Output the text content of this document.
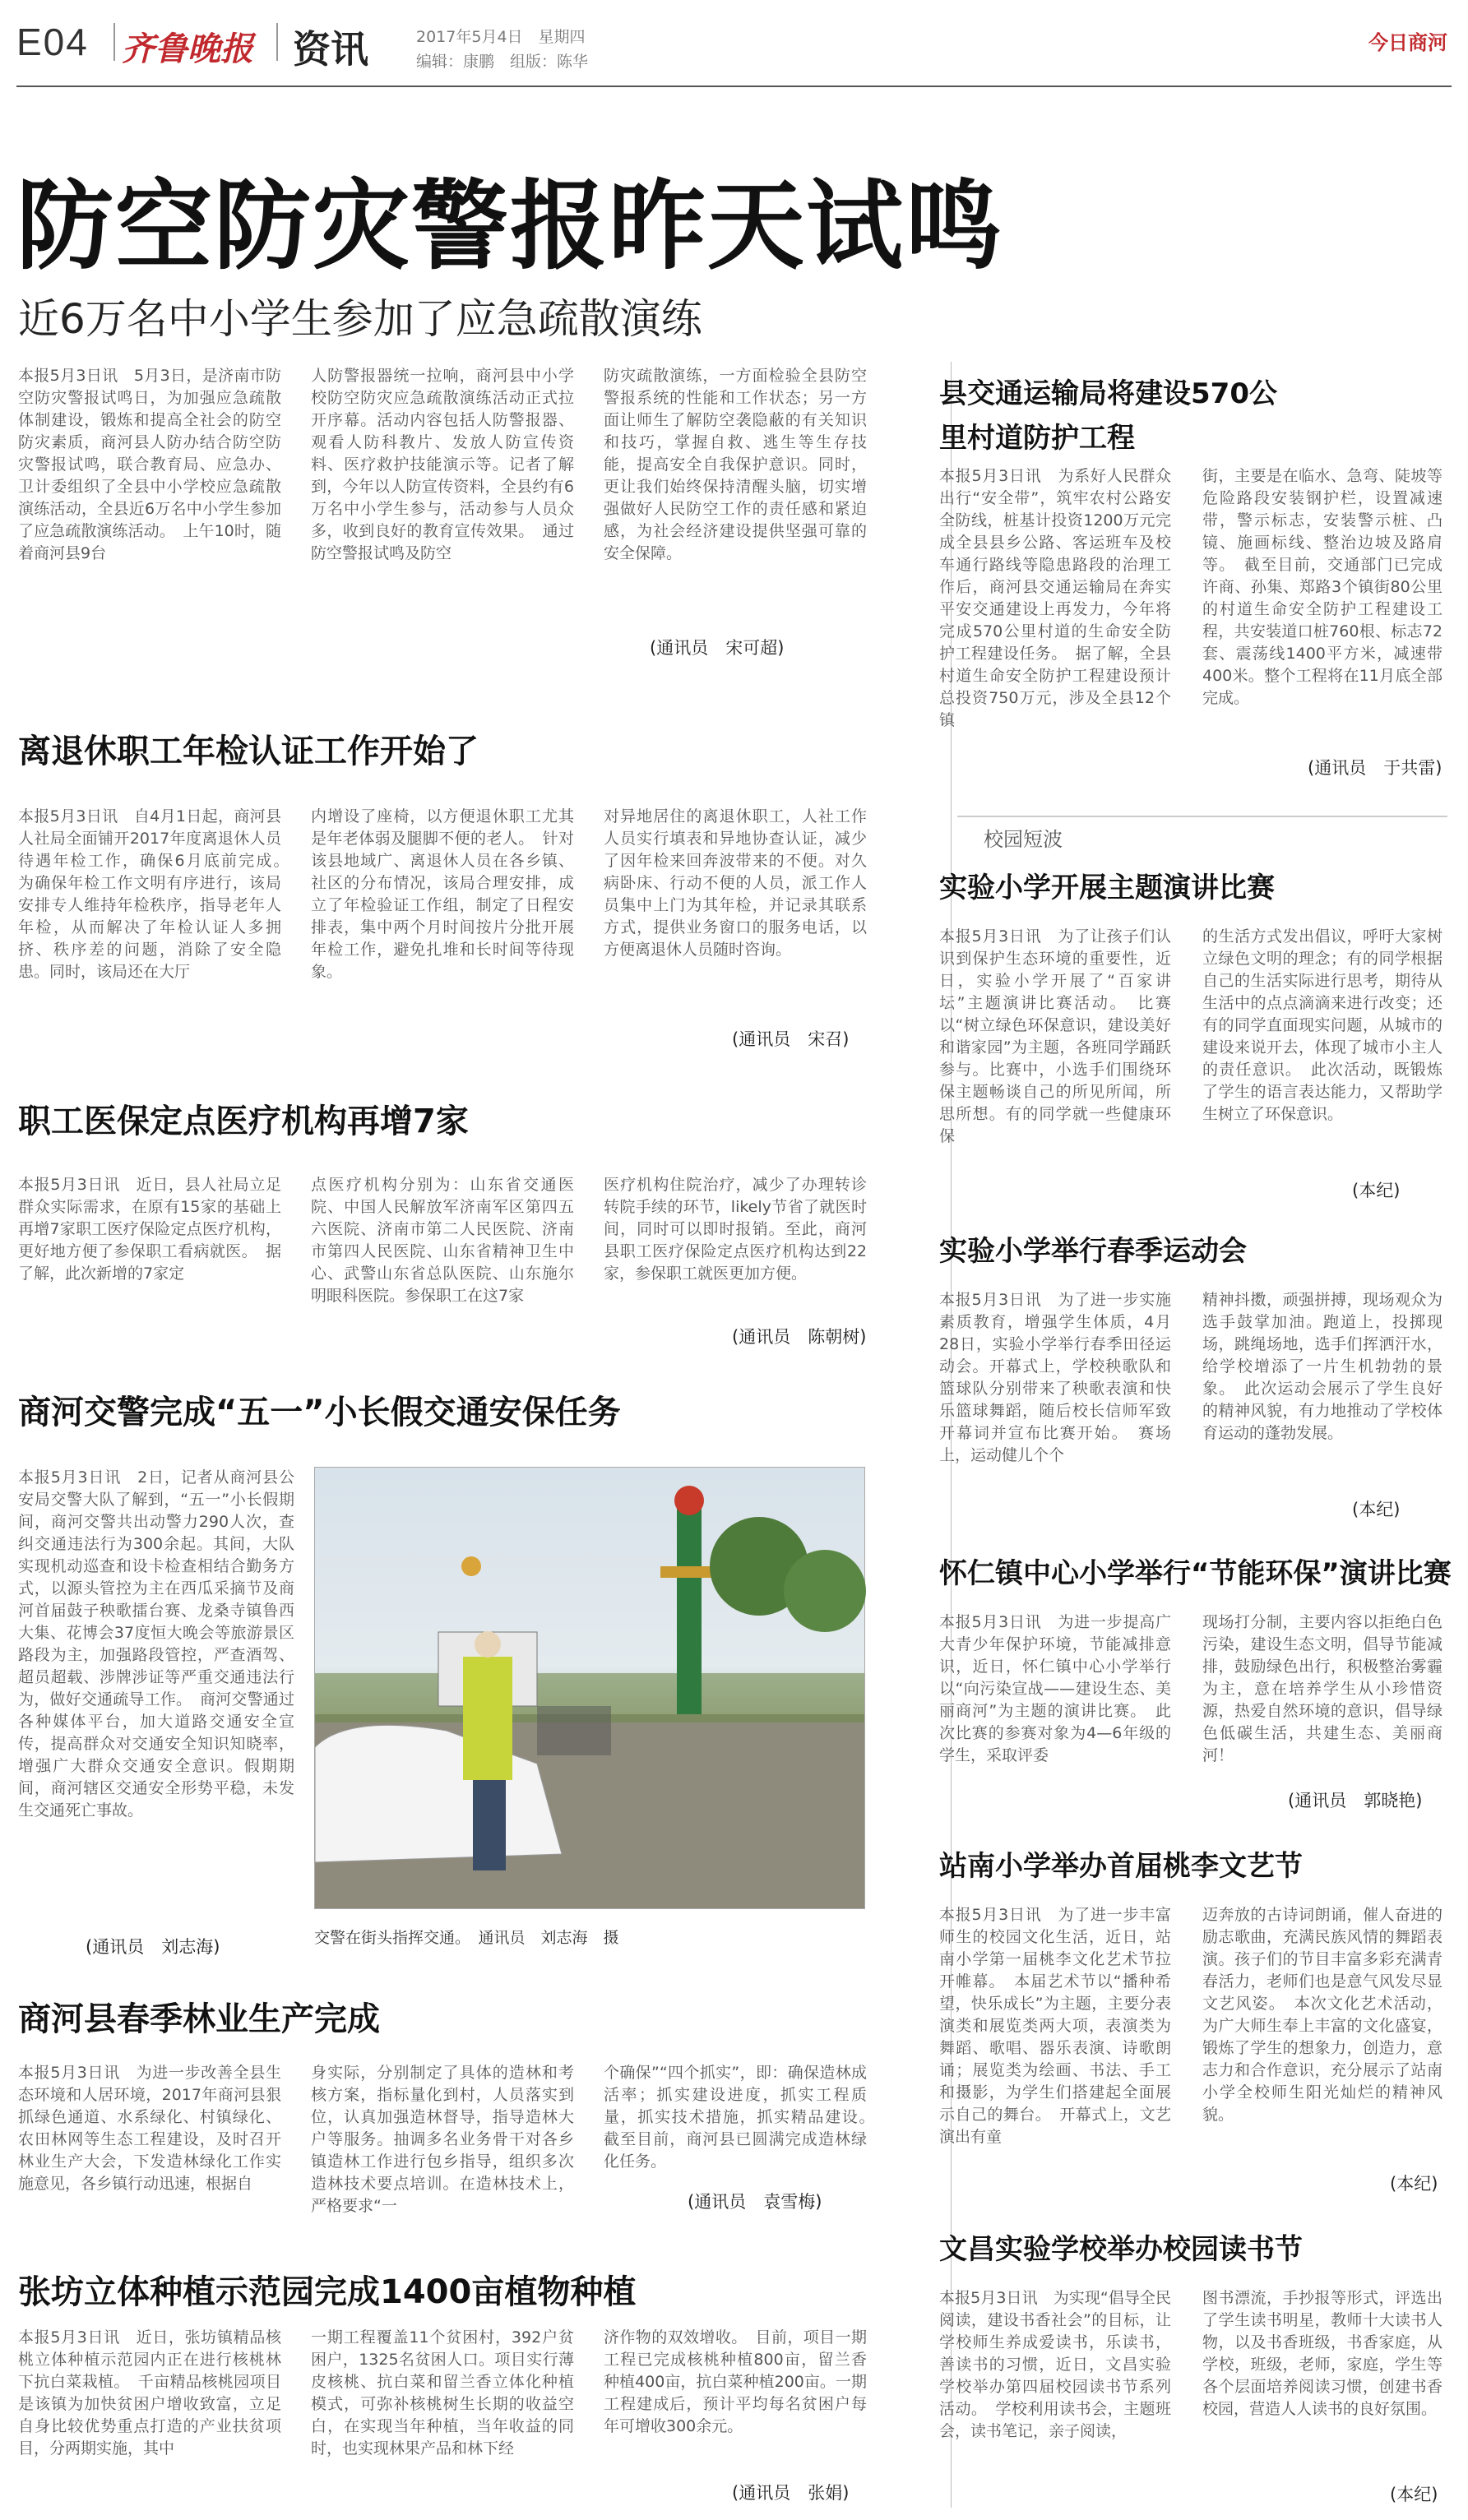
E04 齐鲁晚报 资讯	2017年5月4日　星期四
编辑：康鹏　组版：陈华
今日商河
防空防灾警报昨天试鸣
近6万名中小学生参加了应急疏散演练
本报5月3日讯　5月3日，是济南市防空防灾警报试鸣日，为加强应急疏散体制建设，锻炼和提高全社会的防空防灾素质，商河县人防办结合防空防灾警报试鸣，联合教育局、应急办、卫计委组织了全县中小学校应急疏散演练活动，全县近6万名中小学生参加了应急疏散演练活动。　上午10时，随着商河县9台
人防警报器统一拉响，商河县中小学校防空防灾应急疏散演练活动正式拉开序幕。活动内容包括人防警报器、观看人防科教片、发放人防宣传资料、医疗救护技能演示等。记者了解到，今年以人防宣传资料，全县约有6万名中小学生参与，活动参与人员众多，收到良好的教育宣传效果。　通过防空警报试鸣及防空
防灾疏散演练，一方面检验全县防空警报系统的性能和工作状态；另一方面让师生了解防空袭隐蔽的有关知识和技巧，掌握自救、逃生等生存技能，提高安全自我保护意识。同时，更让我们始终保持清醒头脑，切实增强做好人民防空工作的责任感和紧迫感，为社会经济建设提供坚强可靠的安全保障。
(通讯员　宋可超)
离退休职工年检认证工作开始了
本报5月3日讯　自4月1日起，商河县人社局全面铺开2017年度离退休人员待遇年检工作，确保6月底前完成。　为确保年检工作文明有序进行，该局安排专人维持年检秩序，指导老年人年检，从而解决了年检认证人多拥挤、秩序差的问题，消除了安全隐患。同时，该局还在大厅
内增设了座椅，以方便退休职工尤其是年老体弱及腿脚不便的老人。　针对该县地域广、离退休人员在各乡镇、社区的分布情况，该局合理安排，成立了年检验证工作组，制定了日程安排表，集中两个月时间按片分批开展年检工作，避免扎堆和长时间等待现象。
对异地居住的离退休职工，人社工作人员实行填表和异地协查认证，减少了因年检来回奔波带来的不便。对久病卧床、行动不便的人员，派工作人员集中上门为其年检，并记录其联系方式，提供业务窗口的服务电话，以方便离退休人员随时咨询。
(通讯员　宋召)
职工医保定点医疗机构再增7家
本报5月3日讯　近日，县人社局立足群众实际需求，在原有15家的基础上再增7家职工医疗保险定点医疗机构，更好地方便了参保职工看病就医。　据了解，此次新增的7家定
点医疗机构分别为：山东省交通医院、中国人民解放军济南军区第四五六医院、济南市第二人民医院、济南市第四人民医院、山东省精神卫生中心、武警山东省总队医院、山东施尔明眼科医院。参保职工在这7家
医疗机构住院治疗，减少了办理转诊转院手续的环节，likely节省了就医时间，同时可以即时报销。至此，商河县职工医疗保险定点医疗机构达到22家，参保职工就医更加方便。
(通讯员　陈朝树)
商河交警完成“五一”小长假交通安保任务
本报5月3日讯　2日，记者从商河县公安局交警大队了解到，“五一”小长假期间，商河交警共出动警力290人次，查纠交通违法行为300余起。其间，大队实现机动巡查和设卡检查相结合勤务方式，以源头管控为主在西瓜采摘节及商河首届鼓子秧歌擂台赛、龙桑寺镇鲁西大集、花博会37度恒大晚会等旅游景区路段为主，加强路段管控，严查酒驾、超员超载、涉牌涉证等严重交通违法行为，做好交通疏导工作。　商河交警通过各种媒体平台，加大道路交通安全宣传，提高群众对交通安全知识知晓率，增强广大群众交通安全意识。假期期间，商河辖区交通安全形势平稳，未发生交通死亡事故。
(通讯员　刘志海)	交警在街头指挥交通。　通讯员　刘志海　摄
商河县春季林业生产完成
本报5月3日讯　为进一步改善全县生态环境和人居环境，2017年商河县狠抓绿色通道、水系绿化、村镇绿化、农田林网等生态工程建设，及时召开林业生产大会，下发造林绿化工作实施意见，各乡镇行动迅速，根据自
身实际，分别制定了具体的造林和考核方案，指标量化到村，人员落实到位，认真加强造林督导，指导造林大户等服务。抽调多名业务骨干对各乡镇造林工作进行包乡指导，组织多次造林技术要点培训。在造林技术上，严格要求“一
个确保”“四个抓实”，即：确保造林成活率；抓实建设进度，抓实工程质量，抓实技术措施，抓实精品建设。　截至目前，商河县已圆满完成造林绿化任务。
(通讯员　袁雪梅)
张坊立体种植示范园完成1400亩植物种植
本报5月3日讯　近日，张坊镇精品核桃立体种植示范园内正在进行核桃林下抗白菜栽植。　千亩精品核桃园项目是该镇为加快贫困户增收致富，立足自身比较优势重点打造的产业扶贫项目，分两期实施，其中
一期工程覆盖11个贫困村，392户贫困户，1325名贫困人口。项目实行薄皮核桃、抗白菜和留兰香立体化种植模式，可弥补核桃树生长期的收益空白，在实现当年种植，当年收益的同时，也实现林果产品和林下经
济作物的双效增收。　目前，项目一期工程已完成核桃种植800亩，留兰香种植400亩，抗白菜种植200亩。一期工程建成后，预计平均每名贫困户每年可增收300余元。
(通讯员　张娟)
县交通运输局将建设570公里村道防护工程
本报5月3日讯　为系好人民群众出行“安全带”，筑牢农村公路安全防线，桩基计投资1200万元完成全县县乡公路、客运班车及校车通行路线等隐患路段的治理工作后，商河县交通运输局在奔实平安交通建设上再发力，今年将完成570公里村道的生命安全防护工程建设任务。　据了解，全县村道生命安全防护工程建设预计总投资750万元，涉及全县12个镇
街，主要是在临水、急弯、陡坡等危险路段安装钢护栏，设置减速带，警示标志，安装警示桩、凸镜、施画标线、整治边坡及路肩等。　截至目前，交通部门已完成许商、孙集、郑路3个镇街80公里的村道生命安全防护工程建设工程，共安装道口桩760根、标志72套、震荡线1400平方米，减速带400米。整个工程将在11月底全部完成。
(通讯员　于共雷)
校园短波
实验小学开展主题演讲比赛
本报5月3日讯　为了让孩子们认识到保护生态环境的重要性，近日，实验小学开展了“百家讲坛”主题演讲比赛活动。　比赛以“树立绿色环保意识，建设美好和谐家园”为主题，各班同学踊跃参与。比赛中，小选手们围绕环保主题畅谈自己的所见所闻，所思所想。有的同学就一些健康环保
的生活方式发出倡议，呼吁大家树立绿色文明的理念；有的同学根据自己的生活实际进行思考，期待从生活中的点点滴滴来进行改变；还有的同学直面现实问题，从城市的建设来说开去，体现了城市小主人的责任意识。　此次活动，既锻炼了学生的语言表达能力，又帮助学生树立了环保意识。
(本纪)
实验小学举行春季运动会
本报5月3日讯　为了进一步实施素质教育，增强学生体质，4月28日，实验小学举行春季田径运动会。开幕式上，学校秧歌队和篮球队分别带来了秧歌表演和快乐篮球舞蹈，随后校长信师军致开幕词并宣布比赛开始。　赛场上，运动健儿个个
精神抖擞，顽强拼搏，现场观众为选手鼓掌加油。跑道上，投掷现场，跳绳场地，选手们挥洒汗水，给学校增添了一片生机勃勃的景象。　此次运动会展示了学生良好的精神风貌，有力地推动了学校体育运动的蓬勃发展。
(本纪)
怀仁镇中心小学举行“节能环保”演讲比赛
本报5月3日讯　为进一步提高广大青少年保护环境，节能减排意识，近日，怀仁镇中心小学举行以“向污染宣战——建设生态、美丽商河”为主题的演讲比赛。　此次比赛的参赛对象为4—6年级的学生，采取评委
现场打分制，主要内容以拒绝白色污染，建设生态文明，倡导节能减排，鼓励绿色出行，积极整治雾霾为主，意在培养学生从小珍惜资源，热爱自然环境的意识，倡导绿色低碳生活，共建生态、美丽商河！
(通讯员　郭晓艳)
站南小学举办首届桃李文艺节
本报5月3日讯　为了进一步丰富师生的校园文化生活，近日，站南小学第一届桃李文化艺术节拉开帷幕。　本届艺术节以“播种希望，快乐成长”为主题，主要分表演类和展览类两大项，表演类为舞蹈、歌唱、器乐表演、诗歌朗诵；展览类为绘画、书法、手工和摄影，为学生们搭建起全面展示自己的舞台。　开幕式上，文艺演出有童
迈奔放的古诗词朗诵，催人奋进的励志歌曲，充满民族风情的舞蹈表演。孩子们的节目丰富多彩充满青春活力，老师们也是意气风发尽显文艺风姿。　本次文化艺术活动，为广大师生奉上丰富的文化盛宴，锻炼了学生的想象力，创造力，意志力和合作意识，充分展示了站南小学全校师生阳光灿烂的精神风貌。
(本纪)
文昌实验学校举办校园读书节
本报5月3日讯　为实现“倡导全民阅读，建设书香社会”的目标，让学校师生养成爱读书，乐读书，善读书的习惯，近日，文昌实验学校举办第四届校园读书节系列活动。　学校利用读书会，主题班会，读书笔记，亲子阅读，
图书漂流，手抄报等形式，评选出了学生读书明星，教师十大读书人物，以及书香班级，书香家庭，从学校，班级，老师，家庭，学生等各个层面培养阅读习惯，创建书香校园，营造人人读书的良好氛围。
(本纪)
